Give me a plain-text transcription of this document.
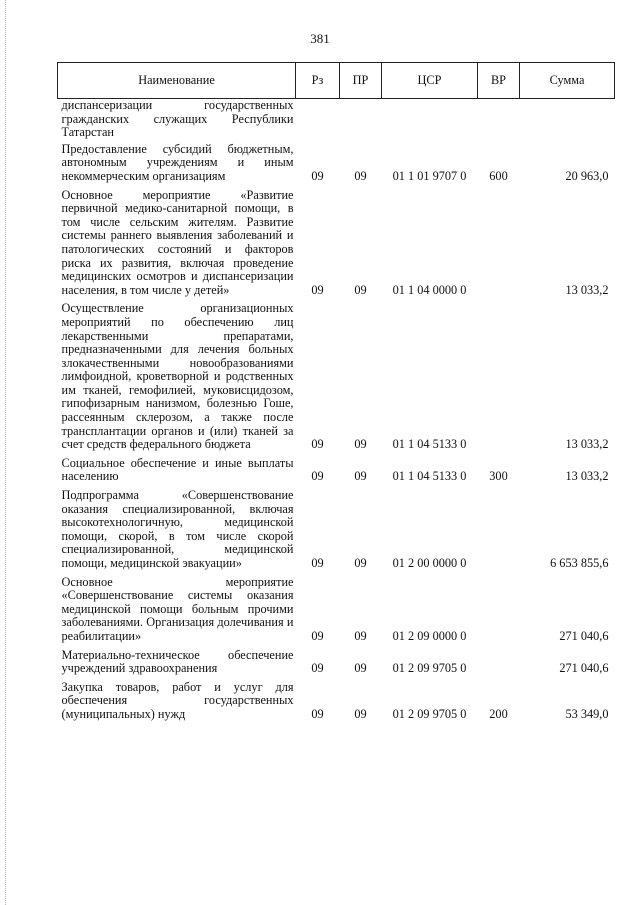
381
Наименование	Рз	ПР	ЦСР	ВР	Сумма
диспансеризации государственных гражданских служащих Республики Татарстан					
Предоставление субсидий бюджетным, автономным учреждениям и иным некоммерческим организациям	09	09	01 1 01 9707 0	600	20 963,0
Основное мероприятие «Развитие первичной медико-санитарной помощи, в том числе сельским жителям. Развитие системы раннего выявления заболеваний и патологических состояний и факторов риска их развития, включая проведение медицинских осмотров и диспансеризации населения, в том числе у детей»	09	09	01 1 04 0000 0		13 033,2
Осуществление организационных мероприятий по обеспечению лиц лекарственными препаратами, предназначенными для лечения больных злокачественными новообразованиями лимфоидной, кроветворной и родственных им тканей, гемофилией, муковисцидозом, гипофизарным нанизмом, болезнью Гоше, рассеянным склерозом, а также после трансплантации органов и (или) тканей за счет средств федерального бюджета	09	09	01 1 04 5133 0		13 033,2
Социальное обеспечение и иные выплаты населению	09	09	01 1 04 5133 0	300	13 033,2
Подпрограмма «Совершенствование оказания специализированной, включая высокотехнологичную, медицинской помощи, скорой, в том числе скорой специализированной, медицинской помощи, медицинской эвакуации»	09	09	01 2 00 0000 0		6 653 855,6
Основное мероприятие «Совершенствование системы оказания медицинской помощи больным прочими заболеваниями. Организация долечивания и реабилитации»	09	09	01 2 09 0000 0		271 040,6
Материально-техническое обеспечение учреждений здравоохранения	09	09	01 2 09 9705 0		271 040,6
Закупка товаров, работ и услуг для обеспечения государственных (муниципальных) нужд	09	09	01 2 09 9705 0	200	53 349,0
